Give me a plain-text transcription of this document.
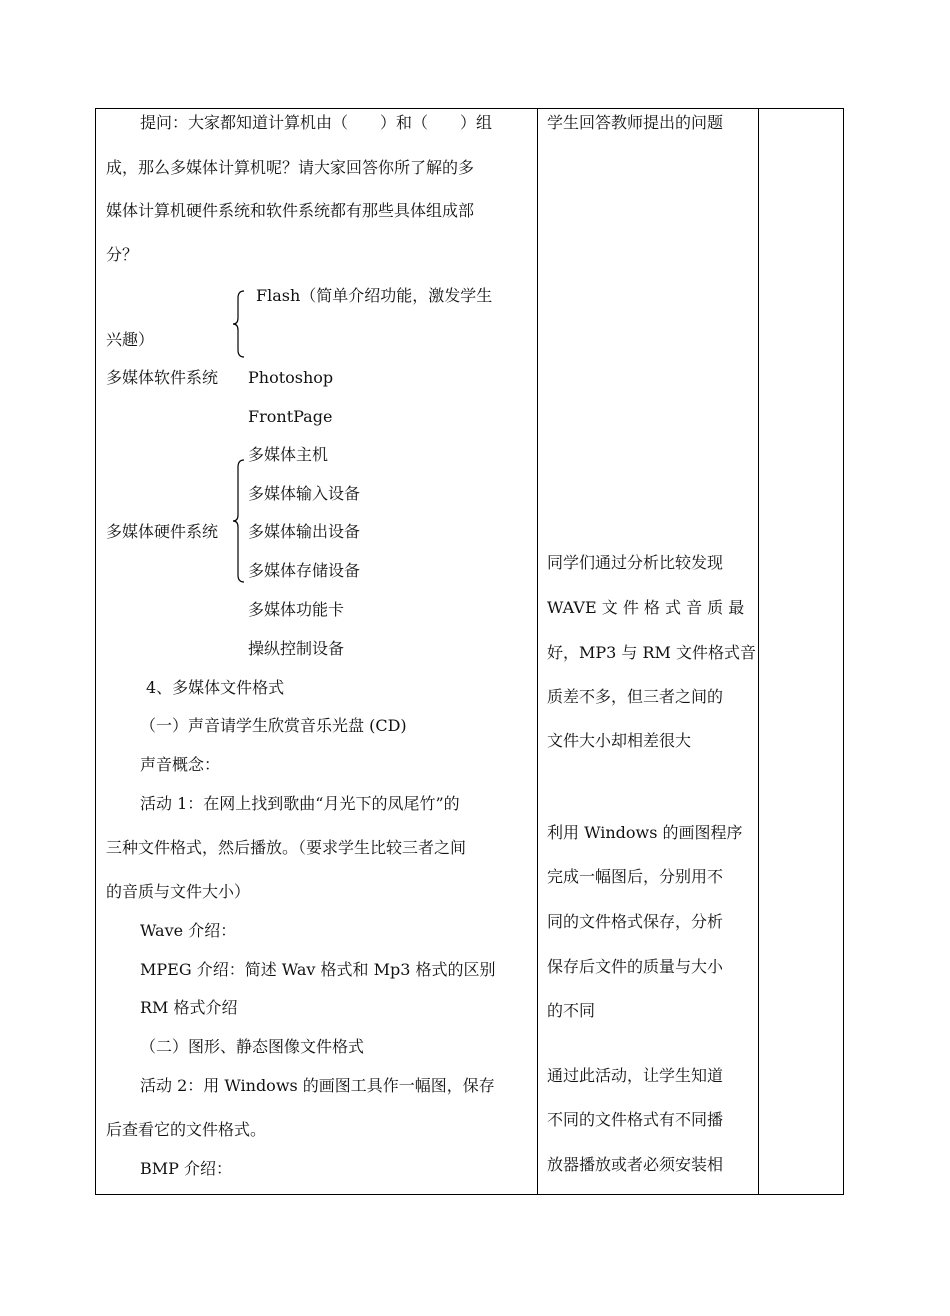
提问：大家都知道计算机由（　　）和（　　）组
成，那么多媒体计算机呢？请大家回答你所了解的多
媒体计算机硬件系统和软件系统都有那些具体组成部
分？
Flash（简单介绍功能，激发学生
兴趣）
多媒体软件系统 Photoshop
FrontPage
多媒体主机
多媒体输入设备
多媒体硬件系统 多媒体输出设备
多媒体存储设备
多媒体功能卡
操纵控制设备
4、多媒体文件格式
（一）声音请学生欣赏音乐光盘 (CD)
声音概念：
活动 1：在网上找到歌曲“月光下的凤尾竹”的
三种文件格式，然后播放。（要求学生比较三者之间
的音质与文件大小）
Wave 介绍：
MPEG 介绍：简述 Wav 格式和 Mp3 格式的区别
RM 格式介绍
（二）图形、静态图像文件格式
活动 2：用 Windows 的画图工具作一幅图，保存
后查看它的文件格式。
BMP 介绍：
学生回答教师提出的问题
同学们通过分析比较发现
WAVE 文 件 格 式 音 质 最
好，MP3 与 RM 文件格式音
质差不多，但三者之间的
文件大小却相差很大
利用 Windows 的画图程序
完成一幅图后，分别用不
同的文件格式保存，分析
保存后文件的质量与大小
的不同
通过此活动，让学生知道
不同的文件格式有不同播
放器播放或者必须安装相
